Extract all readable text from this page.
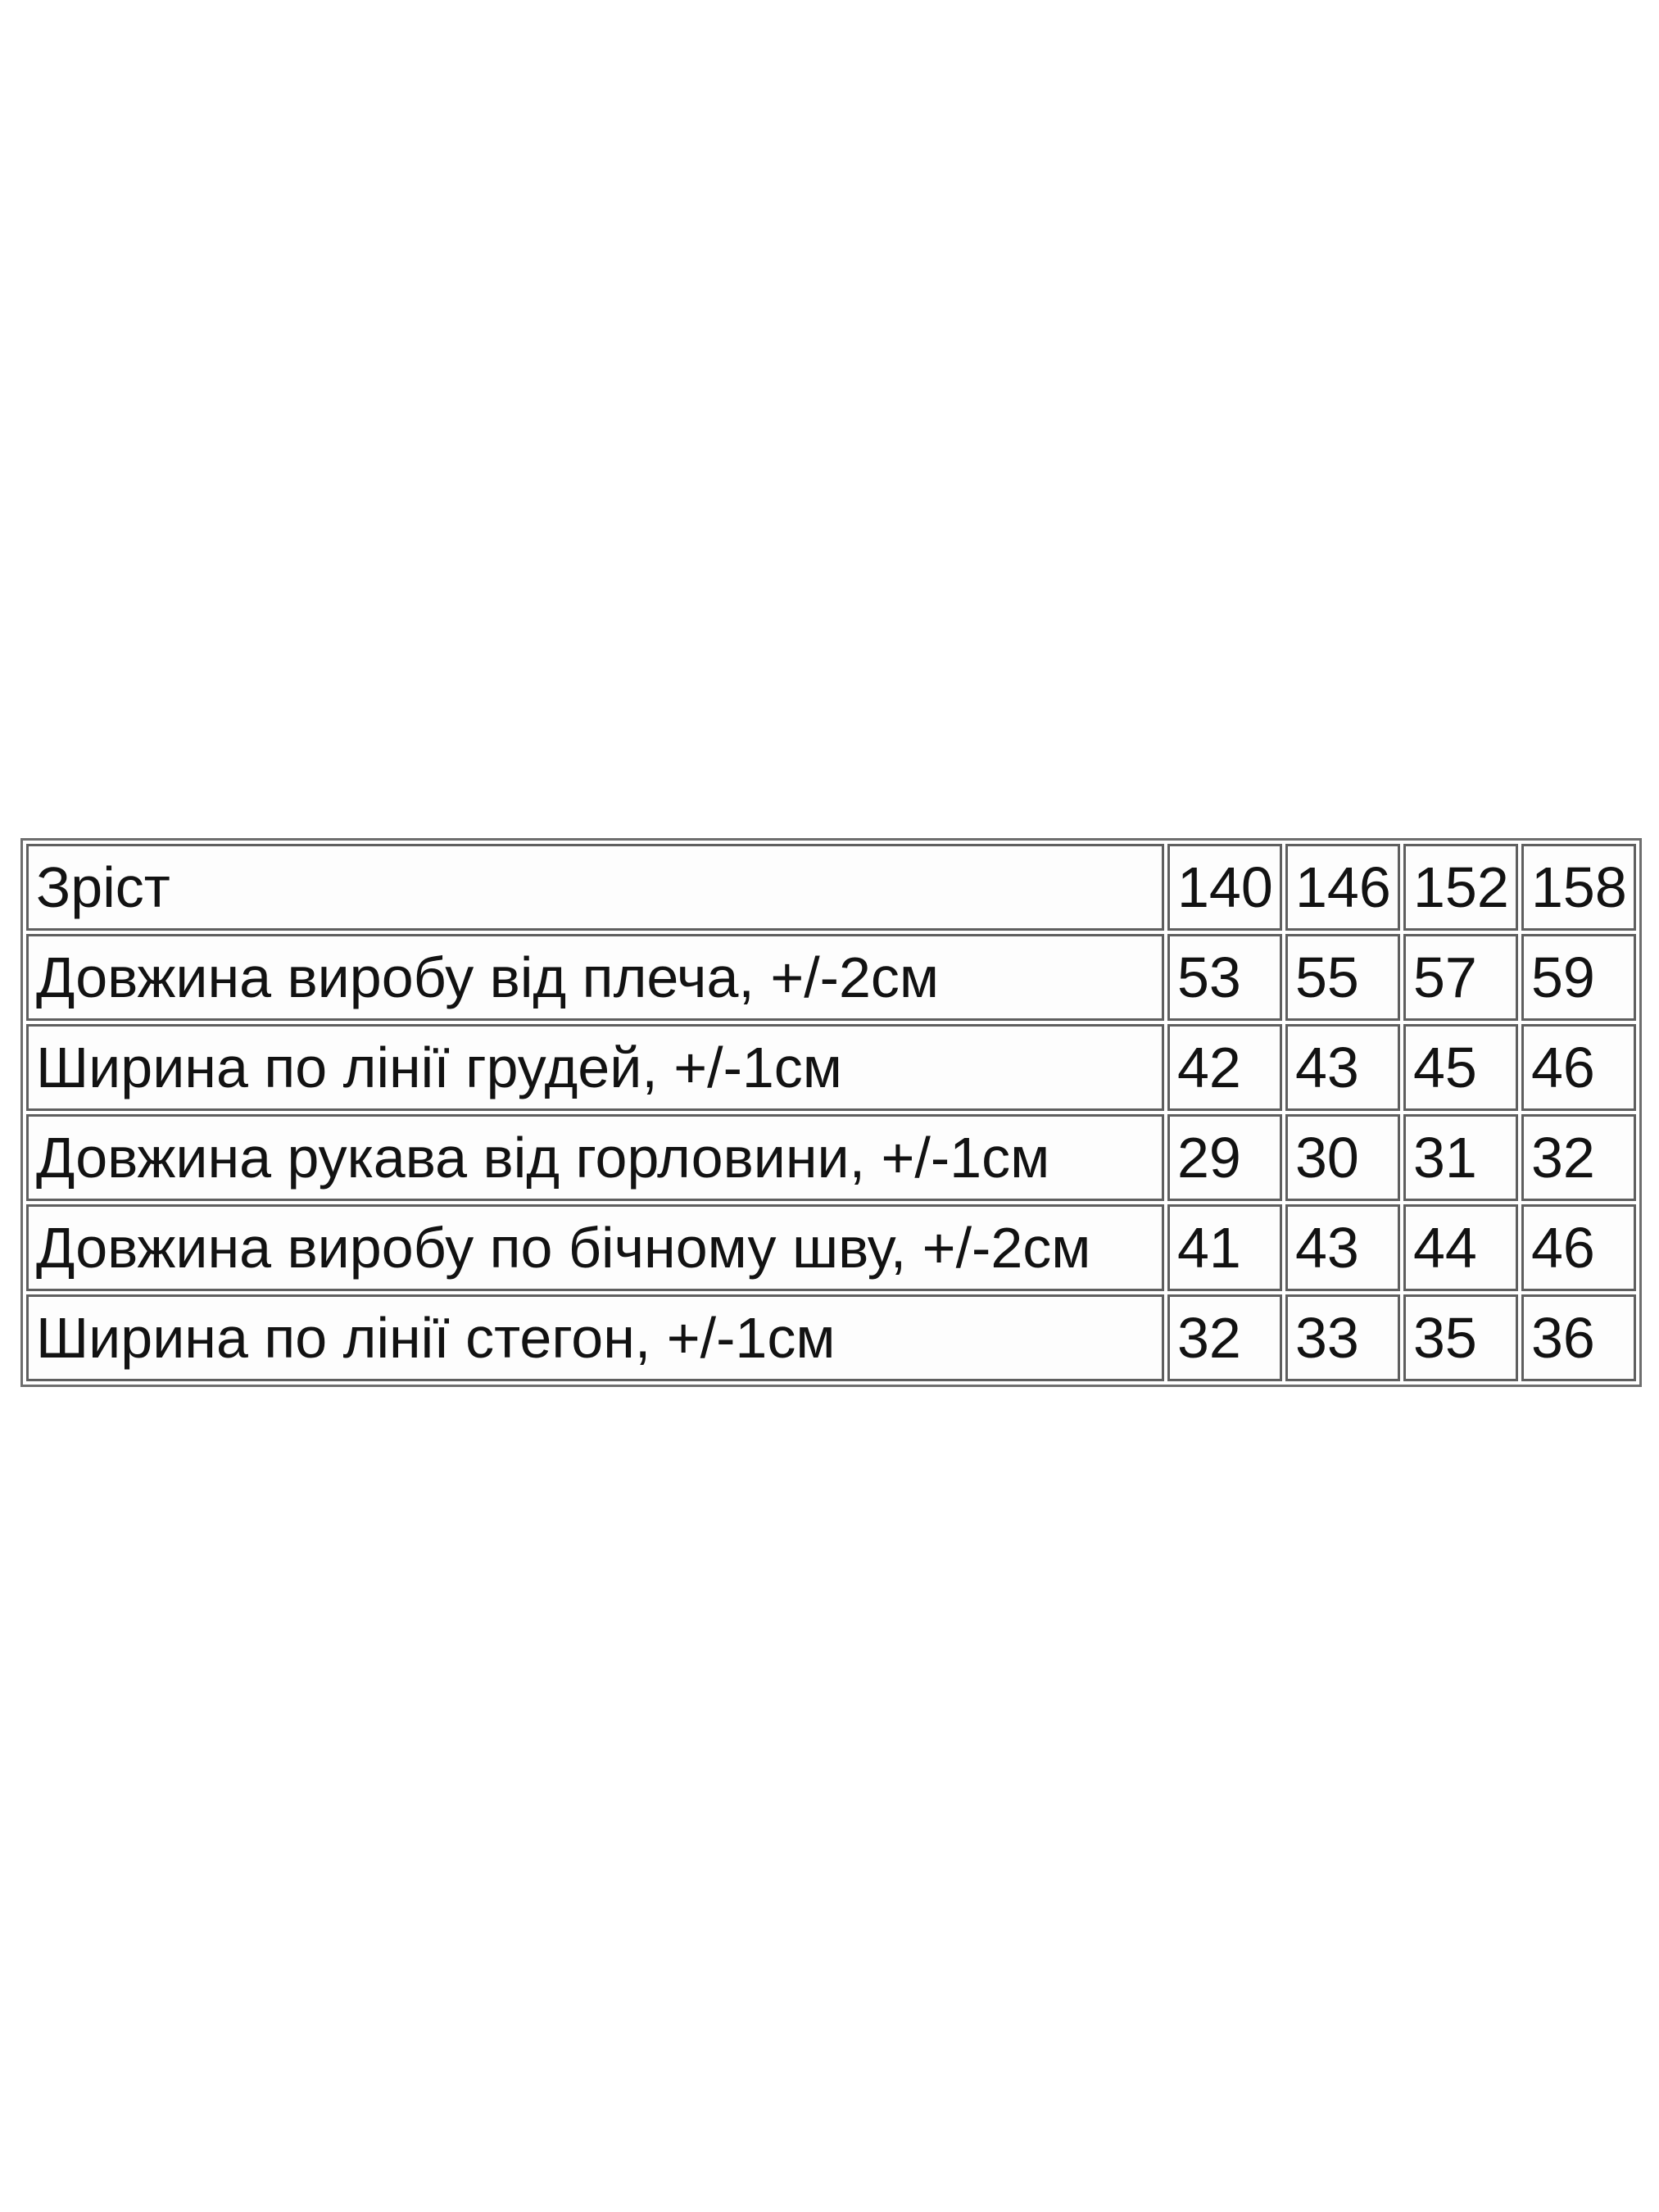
Зріст	140	146	152	158
Довжина виробу від плеча, +/-2см	53	55	57	59
Ширина по лінії грудей, +/-1см	42	43	45	46
Довжина рукава від горловини, +/-1см	29	30	31	32
Довжина виробу по бічному шву, +/-2см	41	43	44	46
Ширина по лінії стегон, +/-1см	32	33	35	36
